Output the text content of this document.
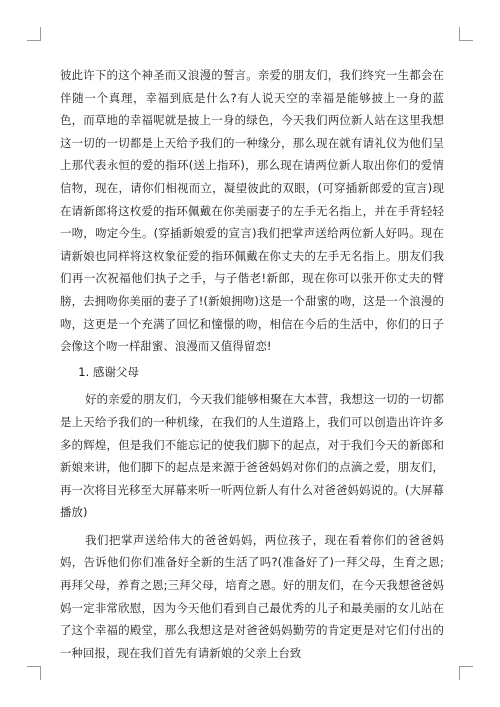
彼此许下的这个神圣而又浪漫的誓言。亲爱的朋友们，我们终究一生都会在伴随一个真理，幸福到底是什么?有人说天空的幸福是能够披上一身的蓝色，而草地的幸福呢就是披上一身的绿色，今天我们两位新人站在这里我想这一切的一切都是上天给予我们的一种缘分，那么现在就有请礼仪为他们呈上那代表永恒的爱的指环(送上指环)，那么现在请两位新人取出你们的爱情信物，现在，请你们相视而立，凝望彼此的双眼，(可穿插新郎爱的宣言)现在请新郎将这枚爱的指环佩戴在你美丽妻子的左手无名指上，并在手背轻轻一吻，吻定今生。(穿插新娘爱的宣言)我们把掌声送给两位新人好吗。现在请新娘也同样将这枚象征爱的指环佩戴在你丈夫的左手无名指上。朋友们我们再一次祝福他们执子之手，与子偕老!新郎，现在你可以张开你丈夫的臂膀，去拥吻你美丽的妻子了!(新娘拥吻)这是一个甜蜜的吻，这是一个浪漫的吻，这更是一个充满了回忆和憧憬的吻，相信在今后的生活中，你们的日子会像这个吻一样甜蜜、浪漫而又值得留恋!

1. 感谢父母

好的亲爱的朋友们，今天我们能够相聚在大本营，我想这一切的一切都是上天给予我们的一种机缘，在我们的人生道路上，我们可以创造出许许多多的辉煌，但是我们不能忘记的使我们脚下的起点，对于我们今天的新郎和新娘来讲，他们脚下的起点是来源于爸爸妈妈对你们的点滴之爱，朋友们，再一次将目光移至大屏幕来听一听两位新人有什么对爸爸妈妈说的。(大屏幕播放)

我们把掌声送给伟大的爸爸妈妈，两位孩子，现在看着你们的爸爸妈妈，告诉他们你们准备好全新的生活了吗?(准备好了)一拜父母，生育之恩;再拜父母，养育之恩;三拜父母，培育之恩。好的朋友们，在今天我想爸爸妈妈一定非常欣慰，因为今天他们看到自己最优秀的儿子和最美丽的女儿站在了这个幸福的殿堂，那么我想这是对爸爸妈妈勤劳的肯定更是对它们付出的一种回报，现在我们首先有请新娘的父亲上台致
